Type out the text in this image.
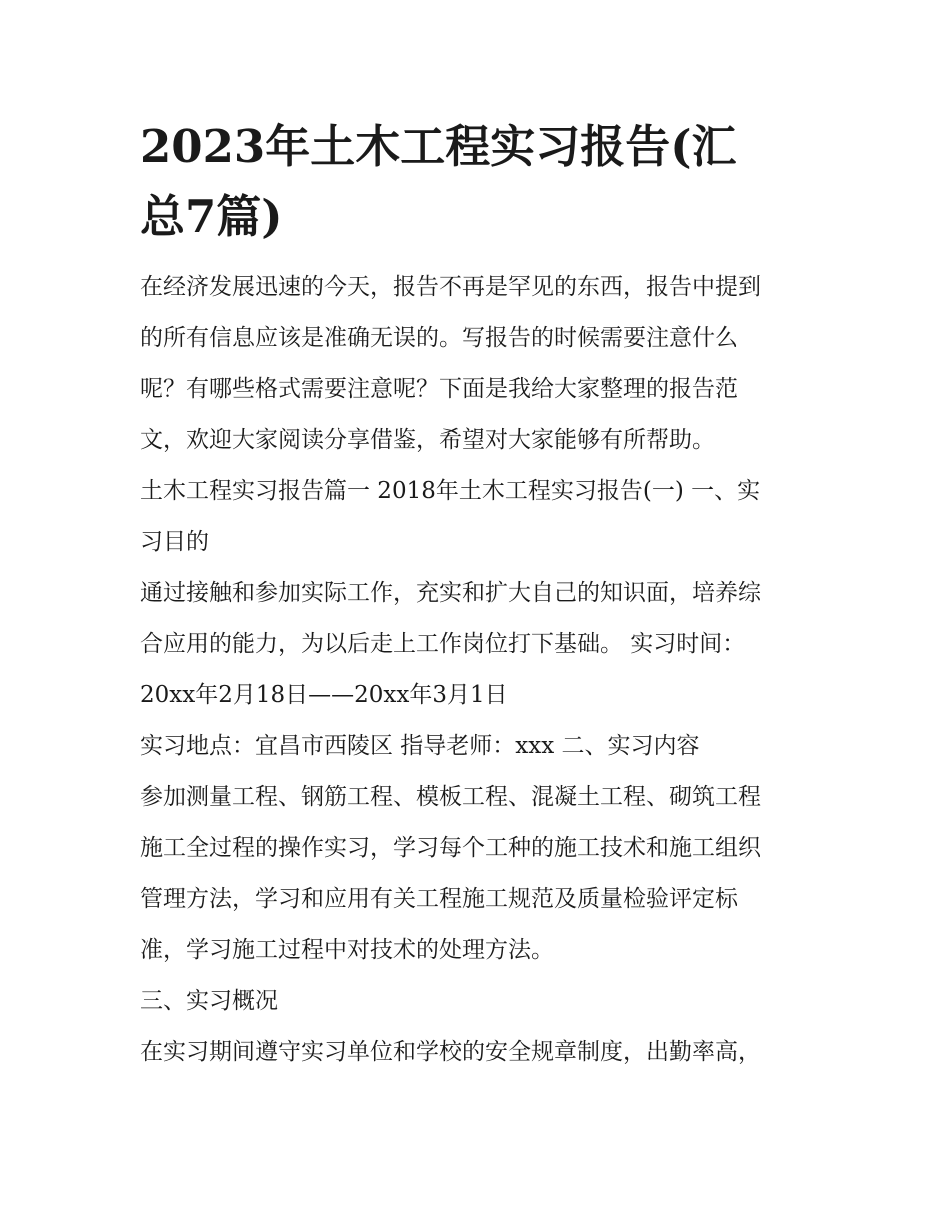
2023年土木工程实习报告(汇
总7篇)

在经济发展迅速的今天，报告不再是罕见的东西，报告中提到
的所有信息应该是准确无误的。写报告的时候需要注意什么
呢？有哪些格式需要注意呢？下面是我给大家整理的报告范
文，欢迎大家阅读分享借鉴，希望对大家能够有所帮助。

土木工程实习报告篇一 2018年土木工程实习报告(一) 一、实
习目的

通过接触和参加实际工作，充实和扩大自己的知识面，培养综
合应用的能力，为以后走上工作岗位打下基础。 实习时间：
20xx年2月18日——20xx年3月1日

实习地点：宜昌市西陵区 指导老师：xxx 二、实习内容

参加测量工程、钢筋工程、模板工程、混凝土工程、砌筑工程
施工全过程的操作实习，学习每个工种的施工技术和施工组织
管理方法，学习和应用有关工程施工规范及质量检验评定标
准，学习施工过程中对技术的处理方法。

三、实习概况

在实习期间遵守实习单位和学校的安全规章制度，出勤率高，
